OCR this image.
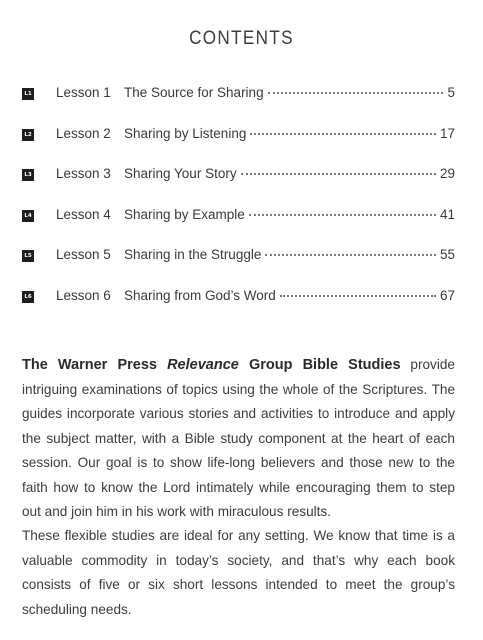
CONTENTS
L1 Lesson 1 The Source for Sharing	5
L2 Lesson 2 Sharing by Listening	17
L3 Lesson 3 Sharing Your Story	29
L4 Lesson 4 Sharing by Example	41
L5 Lesson 5 Sharing in the Struggle	55
L6 Lesson 6 Sharing from God’s Word	67

The Warner Press Relevance Group Bible Studies provide intriguing examinations of topics using the whole of the Scriptures. The guides incorporate various stories and activities to introduce and apply the subject matter, with a Bible study component at the heart of each session. Our goal is to show life-long believers and those new to the faith how to know the Lord intimately while encouraging them to step out and join him in his work with miraculous results.

These flexible studies are ideal for any setting. We know that time is a valuable commodity in today’s society, and that’s why each book consists of five or six short lessons intended to meet the group’s scheduling needs.
